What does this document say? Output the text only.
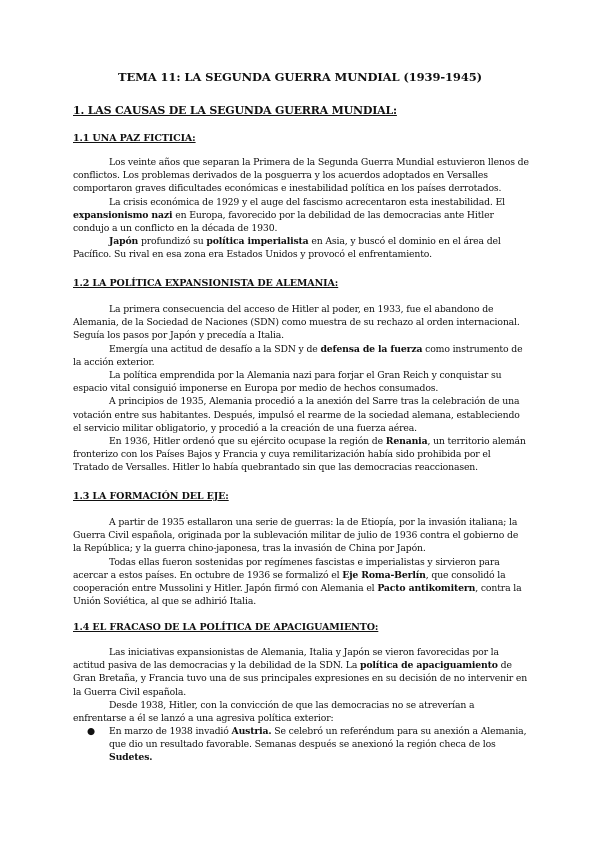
TEMA 11: LA SEGUNDA GUERRA MUNDIAL (1939-1945)
1. LAS CAUSAS DE LA SEGUNDA GUERRA MUNDIAL:
1.1 UNA PAZ FICTICIA:

Los veinte años que separan la Primera de la Segunda Guerra Mundial estuvieron llenos de conflictos. Los problemas derivados de la posguerra y los acuerdos adoptados en Versalles comportaron graves dificultades económicas e inestabilidad política en los países derrotados.

La crisis económica de 1929 y el auge del fascismo acrecentaron esta inestabilidad. El expansionismo nazi en Europa, favorecido por la debilidad de las democracias ante Hitler condujo a un conflicto en la década de 1930.

Japón profundizó su política imperialista en Asia, y buscó el dominio en el área del Pacífico. Su rival en esa zona era Estados Unidos y provocó el enfrentamiento.

1.2 LA POLÍTICA EXPANSIONISTA DE ALEMANIA:

La primera consecuencia del acceso de Hitler al poder, en 1933, fue el abandono de Alemania, de la Sociedad de Naciones (SDN) como muestra de su rechazo al orden internacional. Seguía los pasos por Japón y precedía a Italia.

Emergía una actitud de desafío a la SDN y de defensa de la fuerza como instrumento de la acción exterior.

La política emprendida por la Alemania nazi para forjar el Gran Reich y conquistar su espacio vital consiguió imponerse en Europa por medio de hechos consumados.

A principios de 1935, Alemania procedió a la anexión del Sarre tras la celebración de una votación entre sus habitantes. Después, impulsó el rearme de la sociedad alemana, estableciendo el servicio militar obligatorio, y procedió a la creación de una fuerza aérea.

En 1936, Hitler ordenó que su ejército ocupase la región de Renania, un territorio alemán fronterizo con los Países Bajos y Francia y cuya remilitarización había sido prohibida por el Tratado de Versalles. Hitler lo había quebrantado sin que las democracias reaccionasen.

1.3 LA FORMACIÓN DEL EJE:

A partir de 1935 estallaron una serie de guerras: la de Etiopía, por la invasión italiana; la Guerra Civil española, originada por la sublevación militar de julio de 1936 contra el gobierno de la República; y la guerra chino-japonesa, tras la invasión de China por Japón.

Todas ellas fueron sostenidas por regímenes fascistas e imperialistas y sirvieron para acercar a estos países. En octubre de 1936 se formalizó el Eje Roma-Berlín, que consolidó la cooperación entre Mussolini y Hitler. Japón firmó con Alemania el Pacto antikomitern, contra la Unión Soviética, al que se adhirió Italia.

1.4 EL FRACASO DE LA POLÍTICA DE APACIGUAMIENTO:

Las iniciativas expansionistas de Alemania, Italia y Japón se vieron favorecidas por la actitud pasiva de las democracias y la debilidad de la SDN. La política de apaciguamiento de Gran Bretaña, y Francia tuvo una de sus principales expresiones en su decisión de no intervenir en la Guerra Civil española.

Desde 1938, Hitler, con la convicción de que las democracias no se atreverían a enfrentarse a él se lanzó a una agresiva política exterior:

● En marzo de 1938 invadió Austria. Se celebró un referéndum para su anexión a Alemania, que dio un resultado favorable. Semanas después se anexionó la región checa de los Sudetes.
